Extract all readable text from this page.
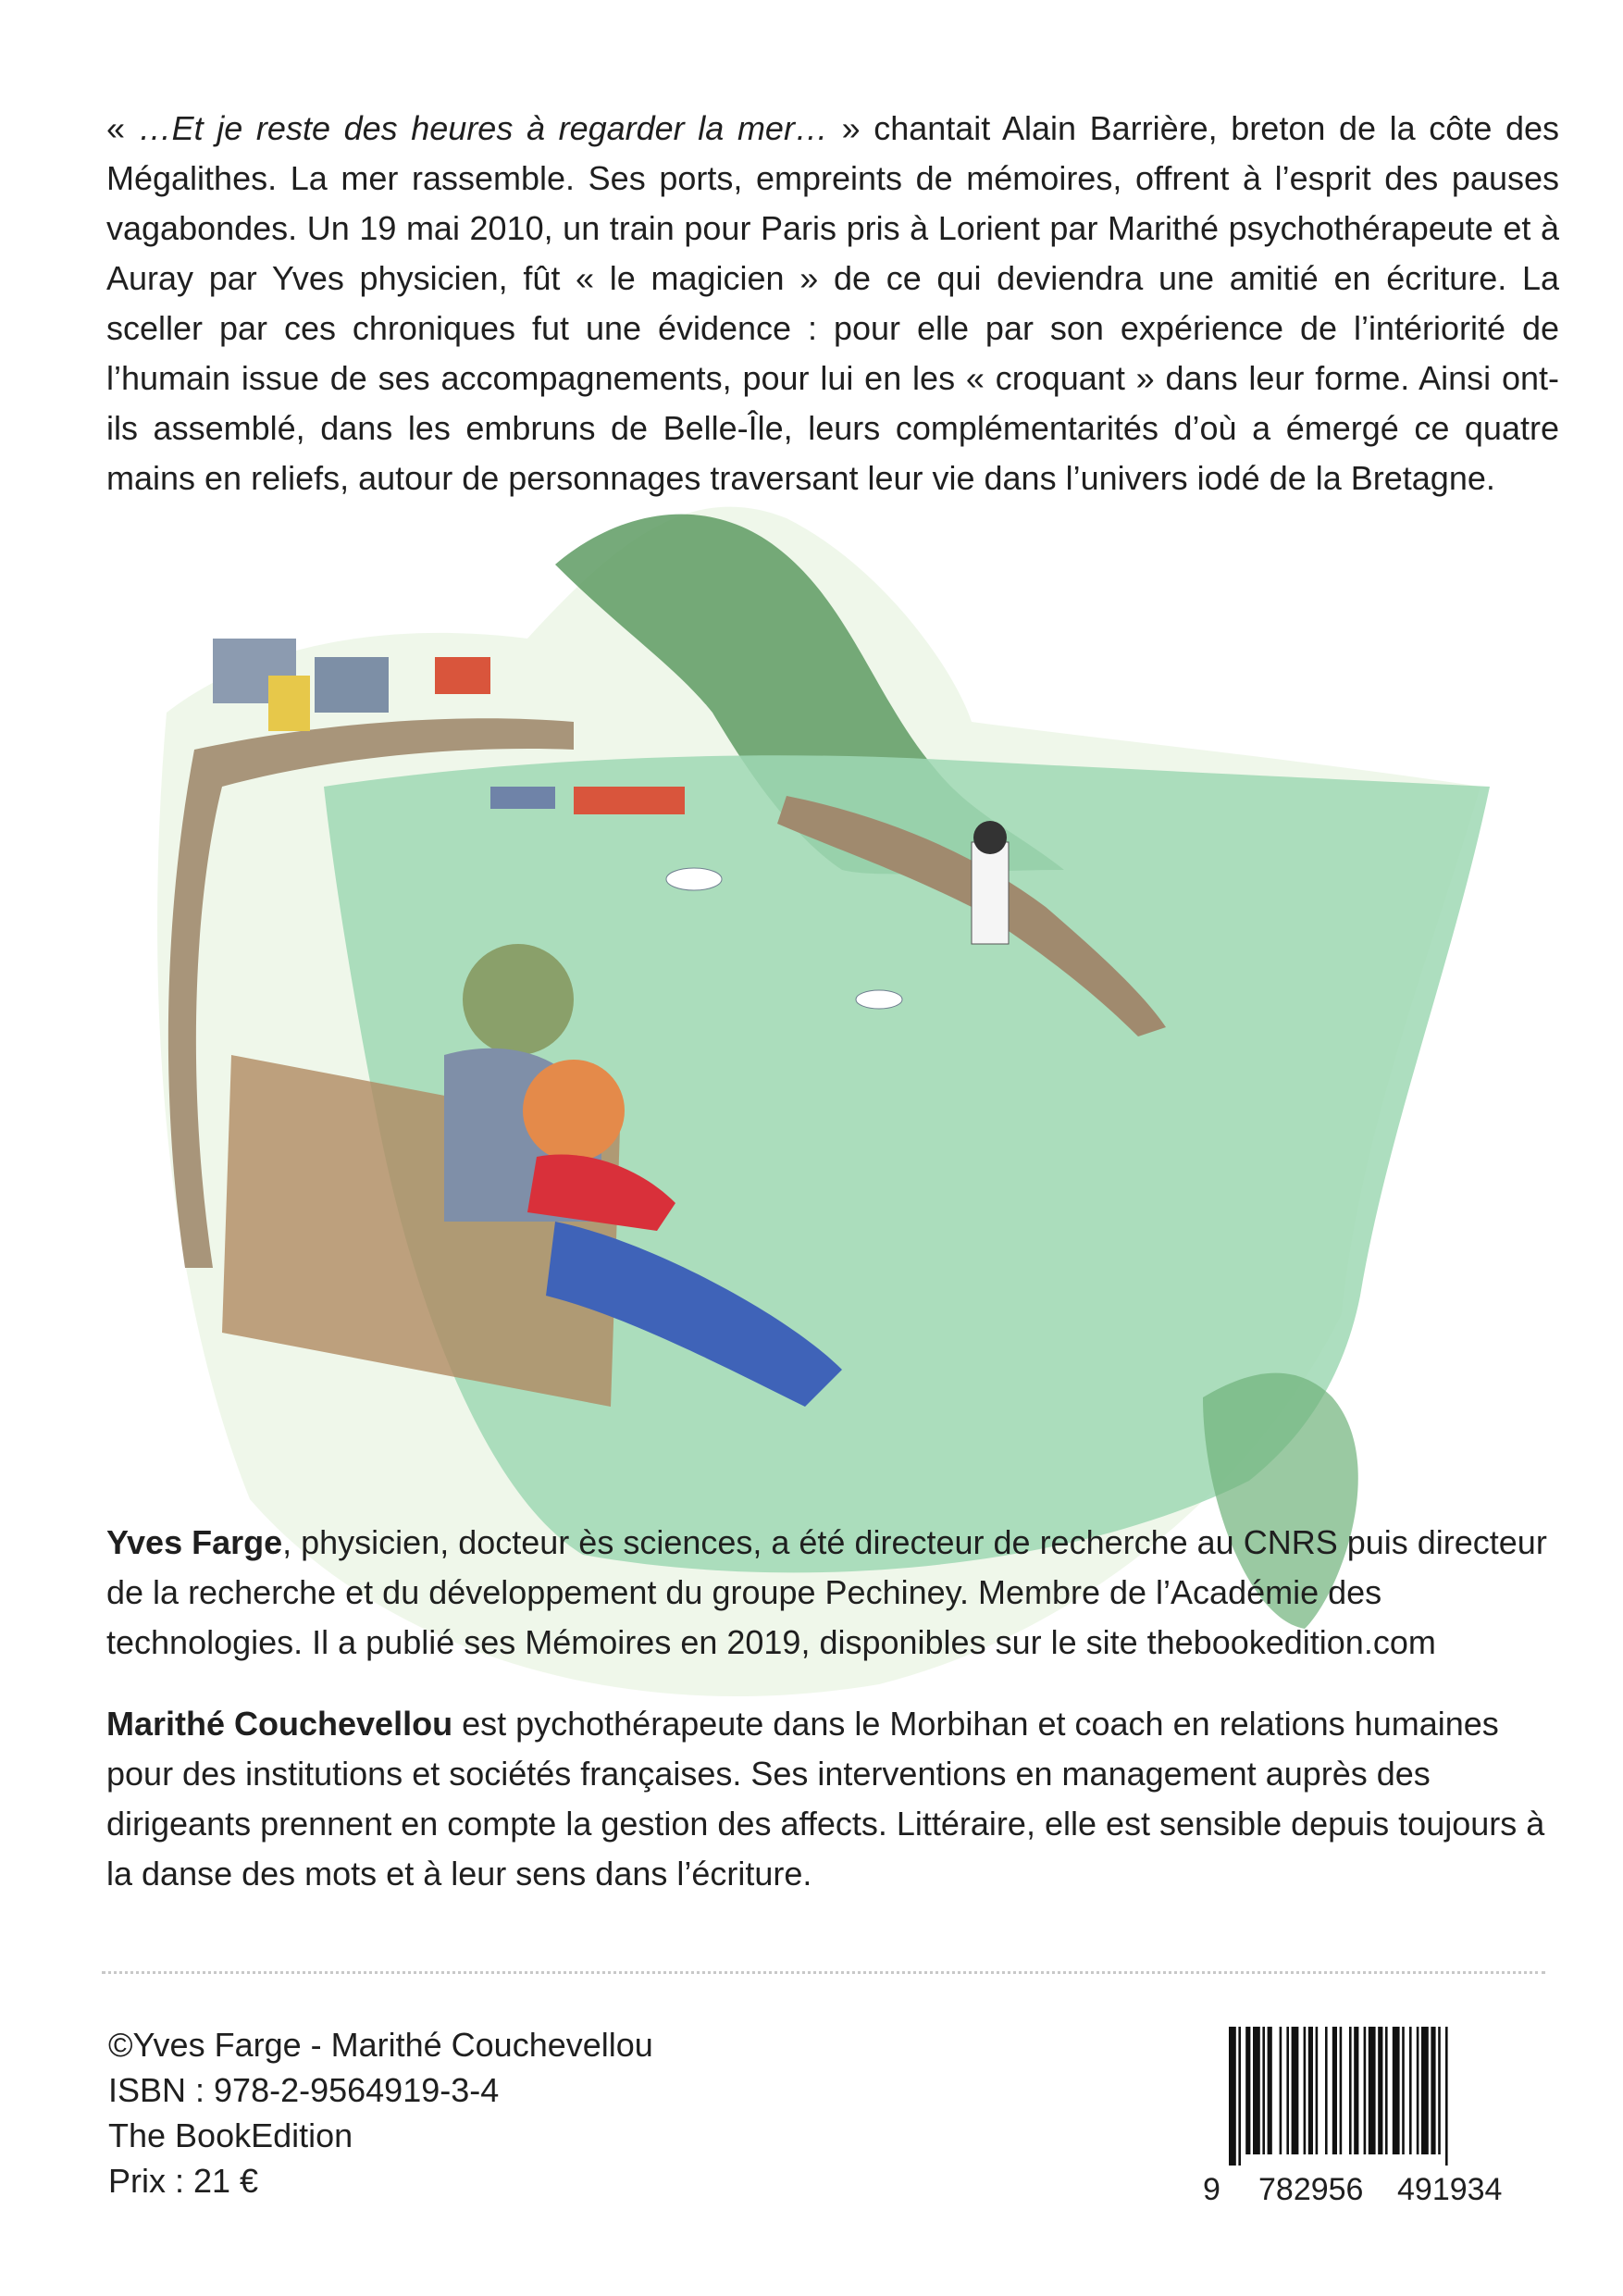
« …Et je reste des heures à regarder la mer… » chantait Alain Barrière, breton de la côte des Mégalithes. La mer rassemble. Ses ports, empreints de mémoires, offrent à l’esprit des pauses vagabondes. Un 19 mai 2010, un train pour Paris pris à Lorient par Marithé psychothérapeute et à Auray par Yves physicien, fût « le magicien » de ce qui deviendra une amitié en écriture. La sceller par ces chroniques fut une évidence : pour elle par son expérience de l’intériorité de l’humain issue de ses accompagnements, pour lui en les « croquant » dans leur forme. Ainsi ont-ils assemblé, dans les embruns de Belle-Île, leurs complémentarités d’où a émergé ce quatre mains en reliefs, autour de personnages traversant leur vie dans l’univers iodé de la Bretagne.

Yves Farge, physicien, docteur ès sciences, a été directeur de recherche au CNRS puis directeur de la recherche et du développement du groupe Pechiney. Membre de l’Académie des technologies. Il a publié ses Mémoires en 2019, disponibles sur le site thebookedition.com

Marithé Couchevellou est pychothérapeute dans le Morbihan et coach en relations humaines pour des institutions et sociétés françaises. Ses interventions en management auprès des dirigeants prennent en compte la gestion des affects. Littéraire, elle est sensible depuis toujours à la danse des mots et à leur sens dans l’écriture.

©Yves Farge - Marithé Couchevellou
ISBN : 978-2-9564919-3-4
The BookEdition
Prix : 21 €	9 782956 491934
